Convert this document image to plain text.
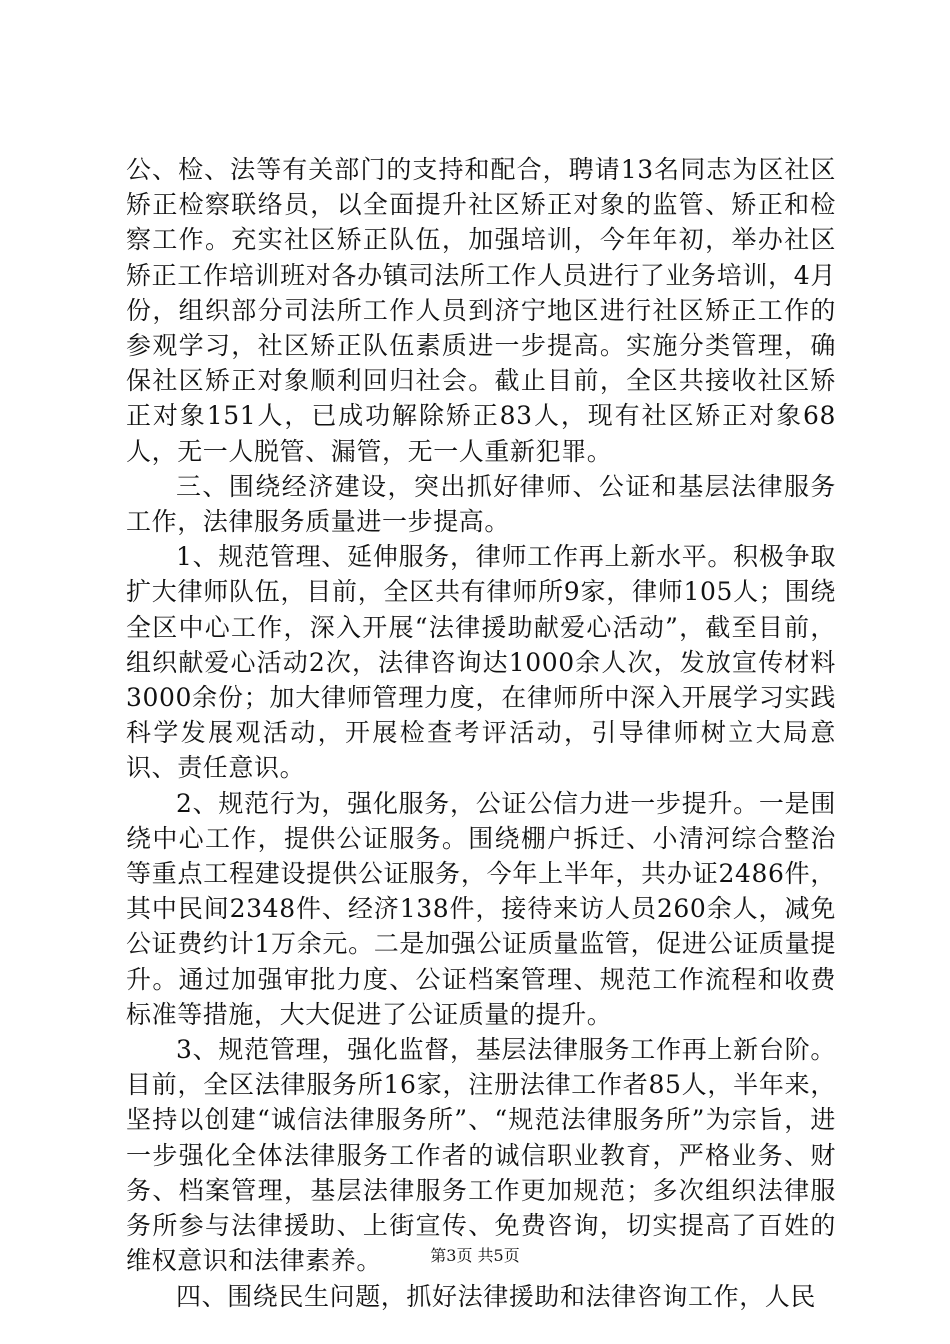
公、检、法等有关部门的支持和配合，聘请13名同志为区社区矫正检察联络员，以全面提升社区矫正对象的监管、矫正和检察工作。充实社区矫正队伍，加强培训，今年年初，举办社区矫正工作培训班对各办镇司法所工作人员进行了业务培训，4月份，组织部分司法所工作人员到济宁地区进行社区矫正工作的参观学习，社区矫正队伍素质进一步提高。实施分类管理，确保社区矫正对象顺利回归社会。截止目前，全区共接收社区矫正对象151人，已成功解除矫正83人，现有社区矫正对象68人，无一人脱管、漏管，无一人重新犯罪。

三、围绕经济建设，突出抓好律师、公证和基层法律服务工作，法律服务质量进一步提高。

1、规范管理、延伸服务，律师工作再上新水平。积极争取扩大律师队伍，目前，全区共有律师所9家，律师105人；围绕全区中心工作，深入开展“法律援助献爱心活动”，截至目前，组织献爱心活动2次，法律咨询达1000余人次，发放宣传材料3000余份；加大律师管理力度，在律师所中深入开展学习实践科学发展观活动，开展检查考评活动，引导律师树立大局意识、责任意识。

2、规范行为，强化服务，公证公信力进一步提升。一是围绕中心工作，提供公证服务。围绕棚户拆迁、小清河综合整治等重点工程建设提供公证服务，今年上半年，共办证2486件，其中民间2348件、经济138件，接待来访人员260余人，减免公证费约计1万余元。二是加强公证质量监管，促进公证质量提升。通过加强审批力度、公证档案管理、规范工作流程和收费标准等措施，大大促进了公证质量的提升。

3、规范管理，强化监督，基层法律服务工作再上新台阶。目前，全区法律服务所16家，注册法律工作者85人，半年来，坚持以创建“诚信法律服务所”、“规范法律服务所”为宗旨，进一步强化全体法律服务工作者的诚信职业教育，严格业务、财务、档案管理，基层法律服务工作更加规范；多次组织法律服务所参与法律援助、上街宣传、免费咨询，切实提高了百姓的维权意识和法律素养。

四、围绕民生问题，抓好法律援助和法律咨询工作，人民

第3页 共5页
